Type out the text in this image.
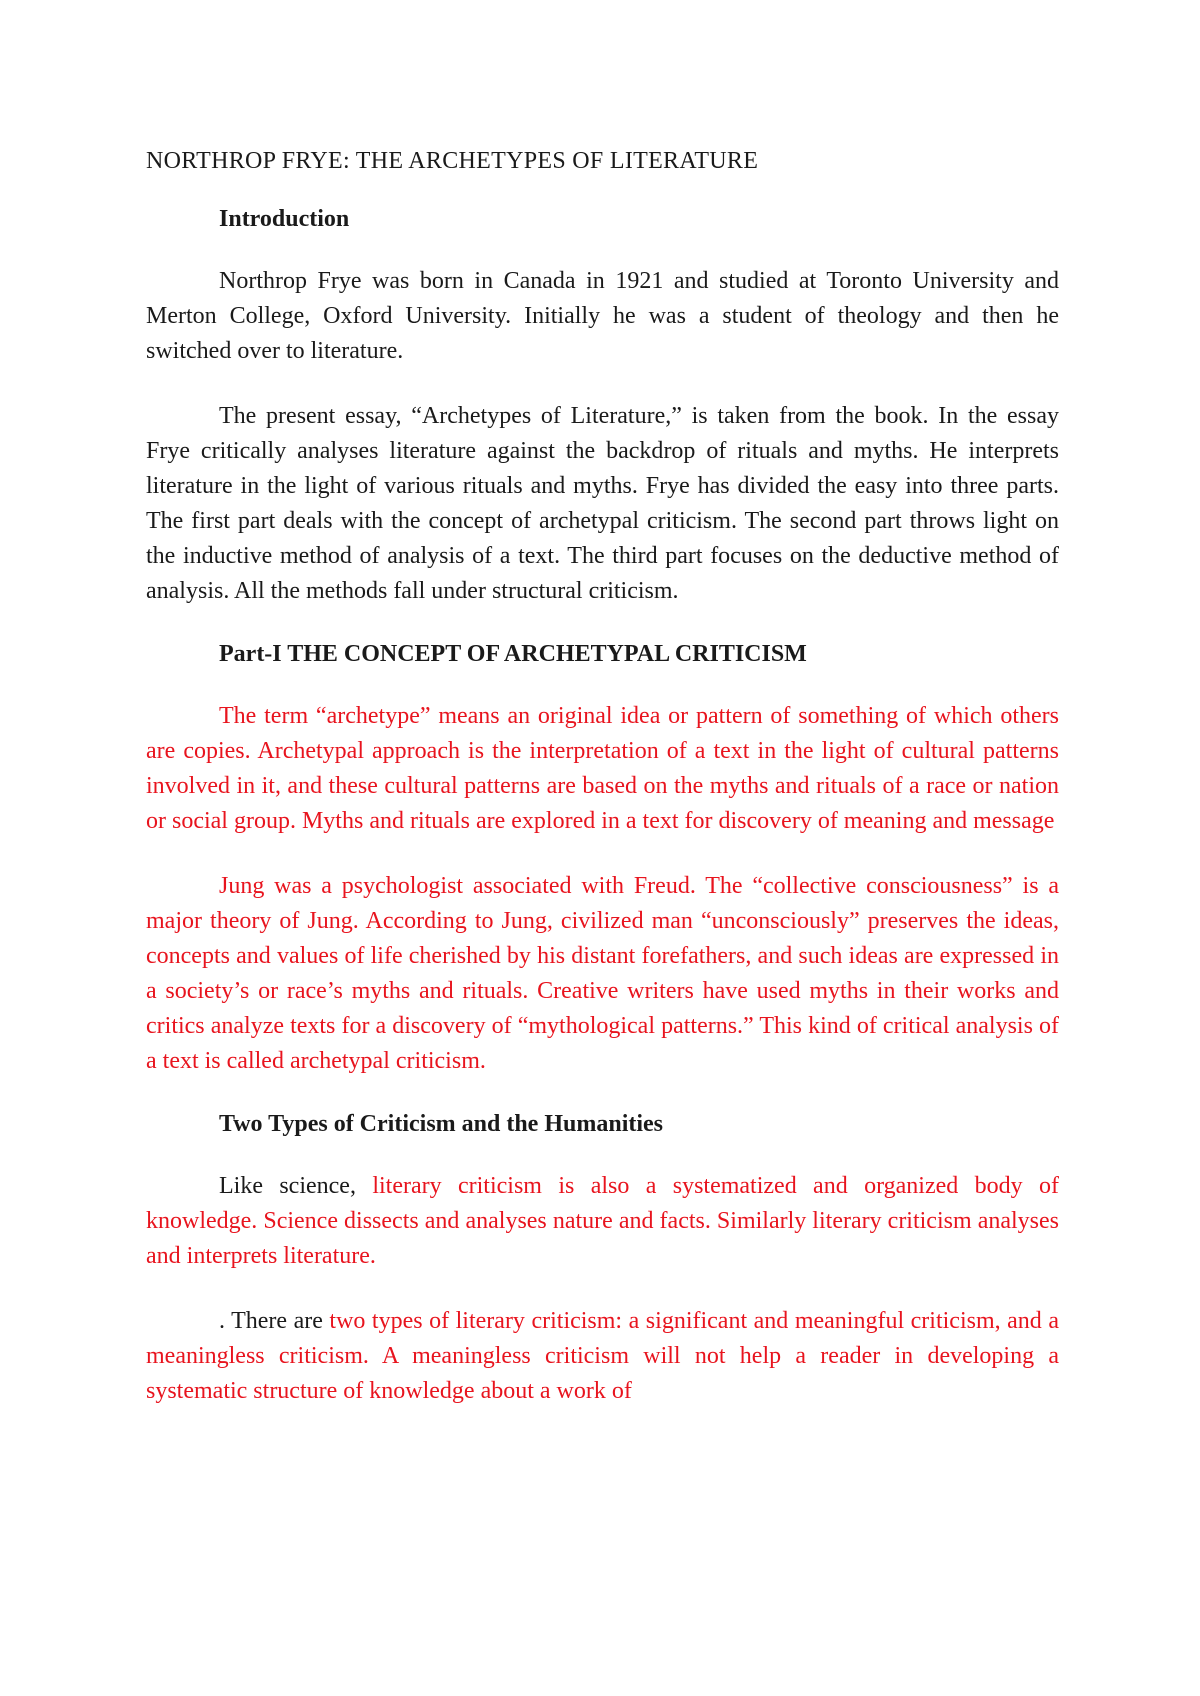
NORTHROP FRYE: THE ARCHETYPES OF LITERATURE
Introduction

Northrop Frye was born in Canada in 1921 and studied at Toronto University and Merton College, Oxford University. Initially he was a student of theology and then he switched over to literature.

The present essay, “Archetypes of Literature,” is taken from the book. In the essay Frye critically analyses literature against the backdrop of rituals and myths. He interprets literature in the light of various rituals and myths. Frye has divided the easy into three parts. The first part deals with the concept of archetypal criticism. The second part throws light on the inductive method of analysis of a text. The third part focuses on the deductive method of analysis. All the methods fall under structural criticism.

Part-I THE CONCEPT OF ARCHETYPAL CRITICISM

The term “archetype” means an original idea or pattern of something of which others are copies. Archetypal approach is the interpretation of a text in the light of cultural patterns involved in it, and these cultural patterns are based on the myths and rituals of a race or nation or social group. Myths and rituals are explored in a text for discovery of meaning and message

Jung was a psychologist associated with Freud. The “collective consciousness” is a major theory of Jung. According to Jung, civilized man “unconsciously” preserves the ideas, concepts and values of life cherished by his distant forefathers, and such ideas are expressed in a society’s or race’s myths and rituals. Creative writers have used myths in their works and critics analyze texts for a discovery of “mythological patterns.” This kind of critical analysis of a text is called archetypal criticism.

Two Types of Criticism and the Humanities

Like science, literary criticism is also a systematized and organized body of knowledge. Science dissects and analyses nature and facts. Similarly literary criticism analyses and interprets literature.

. There are two types of literary criticism: a significant and meaningful criticism, and a meaningless criticism. A meaningless criticism will not help a reader in developing a systematic structure of knowledge about a work of
